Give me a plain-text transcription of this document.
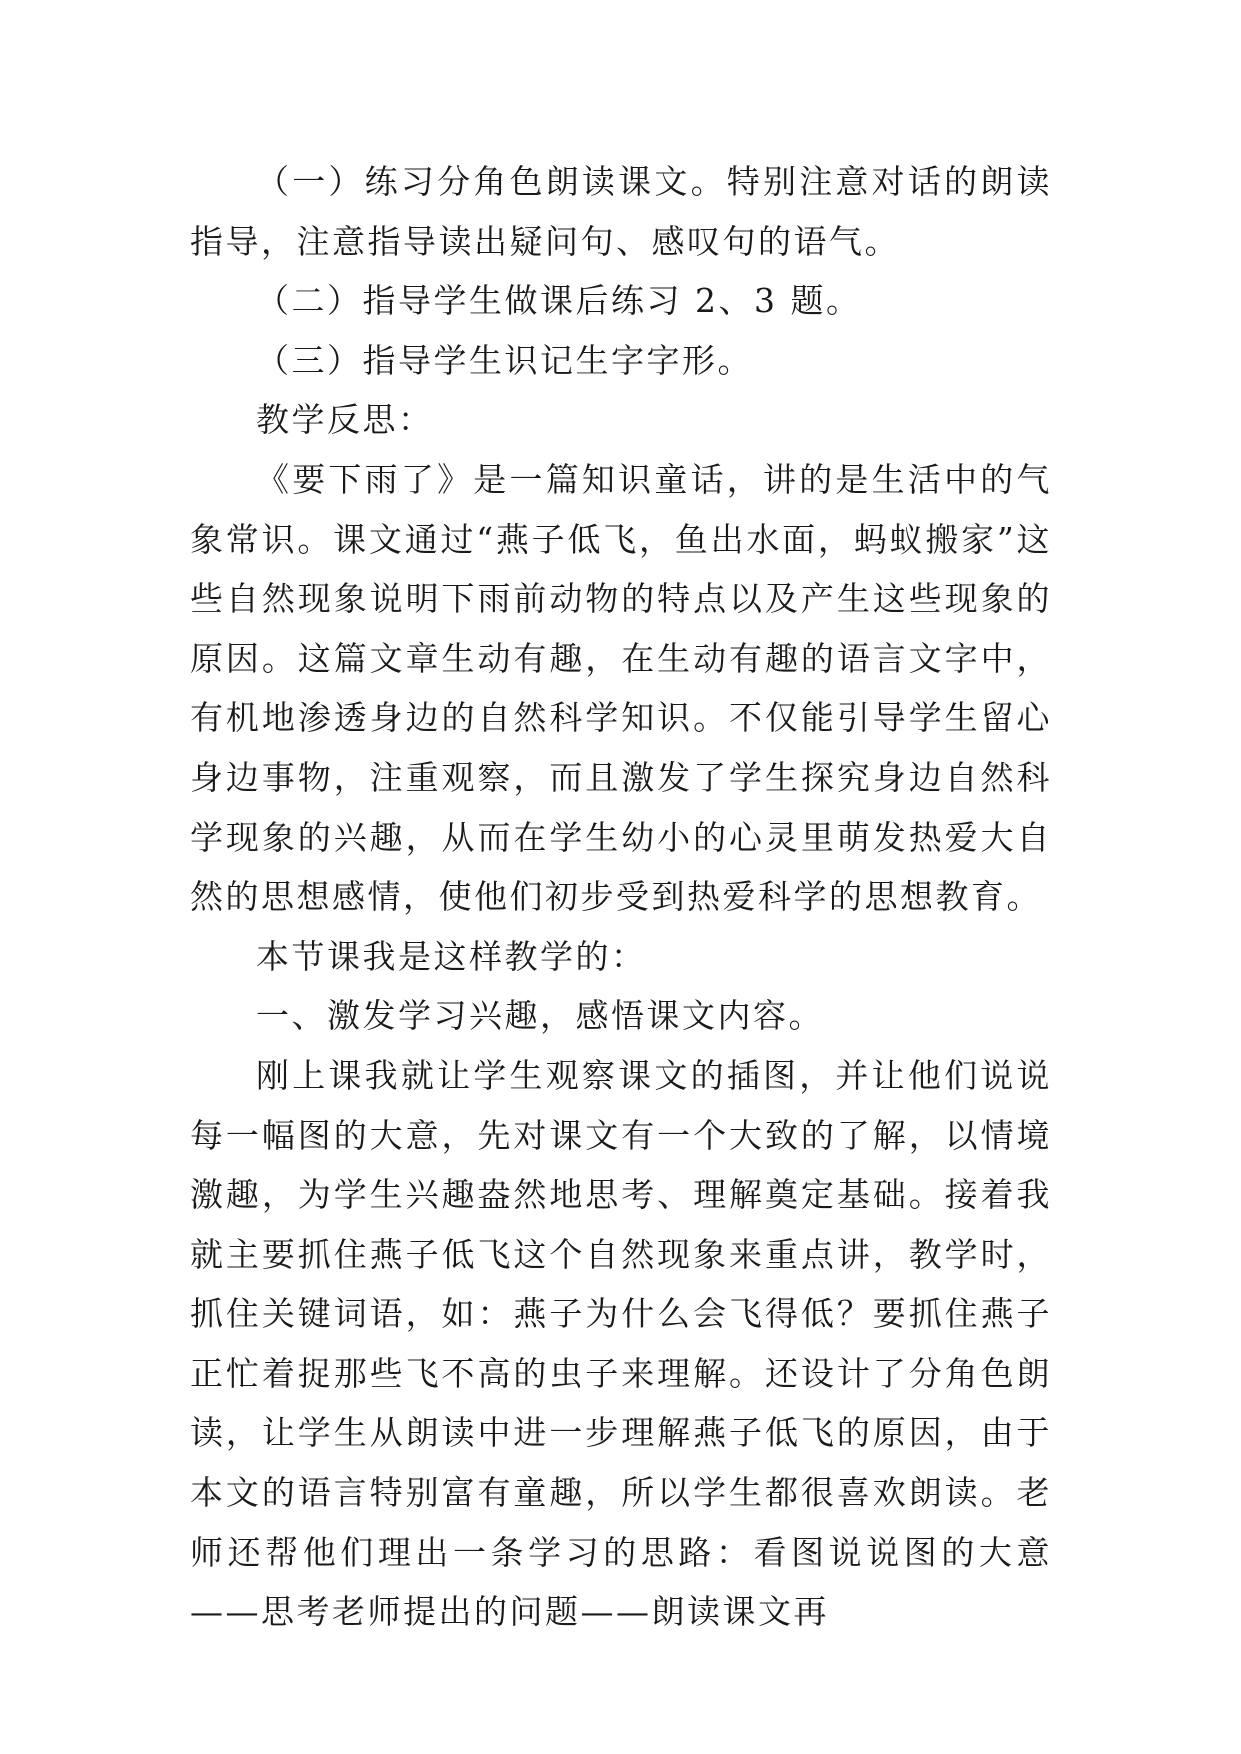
（一）练习分角色朗读课文。特别注意对话的朗读指导，注意指导读出疑问句、感叹句的语气。

（二）指导学生做课后练习 2、3 题。

（三）指导学生识记生字字形。

教学反思：

《要下雨了》是一篇知识童话，讲的是生活中的气象常识。课文通过“燕子低飞，鱼出水面，蚂蚁搬家”这些自然现象说明下雨前动物的特点以及产生这些现象的原因。这篇文章生动有趣，在生动有趣的语言文字中，有机地渗透身边的自然科学知识。不仅能引导学生留心身边事物，注重观察，而且激发了学生探究身边自然科学现象的兴趣，从而在学生幼小的心灵里萌发热爱大自然的思想感情，使他们初步受到热爱科学的思想教育。

本节课我是这样教学的：

一、激发学习兴趣，感悟课文内容。

刚上课我就让学生观察课文的插图，并让他们说说每一幅图的大意，先对课文有一个大致的了解，以情境激趣，为学生兴趣盎然地思考、理解奠定基础。接着我就主要抓住燕子低飞这个自然现象来重点讲，教学时，抓住关键词语，如：燕子为什么会飞得低？要抓住燕子正忙着捉那些飞不高的虫子来理解。还设计了分角色朗读，让学生从朗读中进一步理解燕子低飞的原因，由于本文的语言特别富有童趣，所以学生都很喜欢朗读。老师还帮他们理出一条学习的思路：看图说说图的大意——思考老师提出的问题——朗读课文再
